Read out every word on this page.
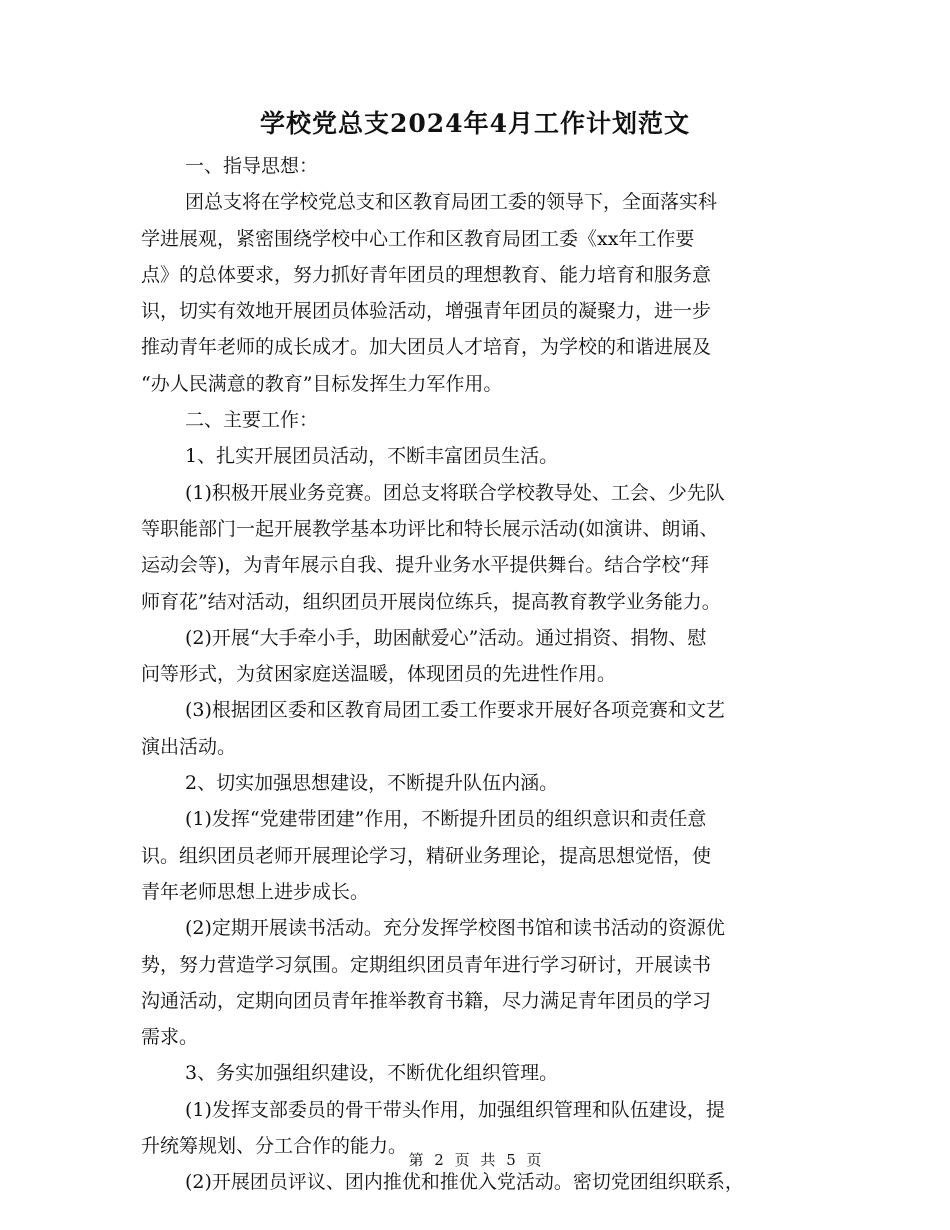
学校党总支2024年4月工作计划范文
一、指导思想：
团总支将在学校党总支和区教育局团工委的领导下，全面落实科
学进展观，紧密围绕学校中心工作和区教育局团工委《xx年工作要
点》的总体要求，努力抓好青年团员的理想教育、能力培育和服务意
识，切实有效地开展团员体验活动，增强青年团员的凝聚力，进一步
推动青年老师的成长成才。加大团员人才培育，为学校的和谐进展及
“办人民满意的教育”目标发挥生力军作用。
二、主要工作：
1、扎实开展团员活动，不断丰富团员生活。
(1)积极开展业务竞赛。团总支将联合学校教导处、工会、少先队
等职能部门一起开展教学基本功评比和特长展示活动(如演讲、朗诵、
运动会等)，为青年展示自我、提升业务水平提供舞台。结合学校“拜
师育花”结对活动，组织团员开展岗位练兵，提高教育教学业务能力。
(2)开展“大手牵小手，助困献爱心”活动。通过捐资、捐物、慰
问等形式，为贫困家庭送温暖，体现团员的先进性作用。
(3)根据团区委和区教育局团工委工作要求开展好各项竞赛和文艺
演出活动。
2、切实加强思想建设，不断提升队伍内涵。
(1)发挥“党建带团建”作用，不断提升团员的组织意识和责任意
识。组织团员老师开展理论学习，精研业务理论，提高思想觉悟，使
青年老师思想上进步成长。
(2)定期开展读书活动。充分发挥学校图书馆和读书活动的资源优
势，努力营造学习氛围。定期组织团员青年进行学习研讨，开展读书
沟通活动，定期向团员青年推举教育书籍，尽力满足青年团员的学习
需求。
3、务实加强组织建设，不断优化组织管理。
(1)发挥支部委员的骨干带头作用，加强组织管理和队伍建设，提
升统筹规划、分工合作的能力。
(2)开展团员评议、团内推优和推优入党活动。密切党团组织联系，
第 2 页 共 5 页
